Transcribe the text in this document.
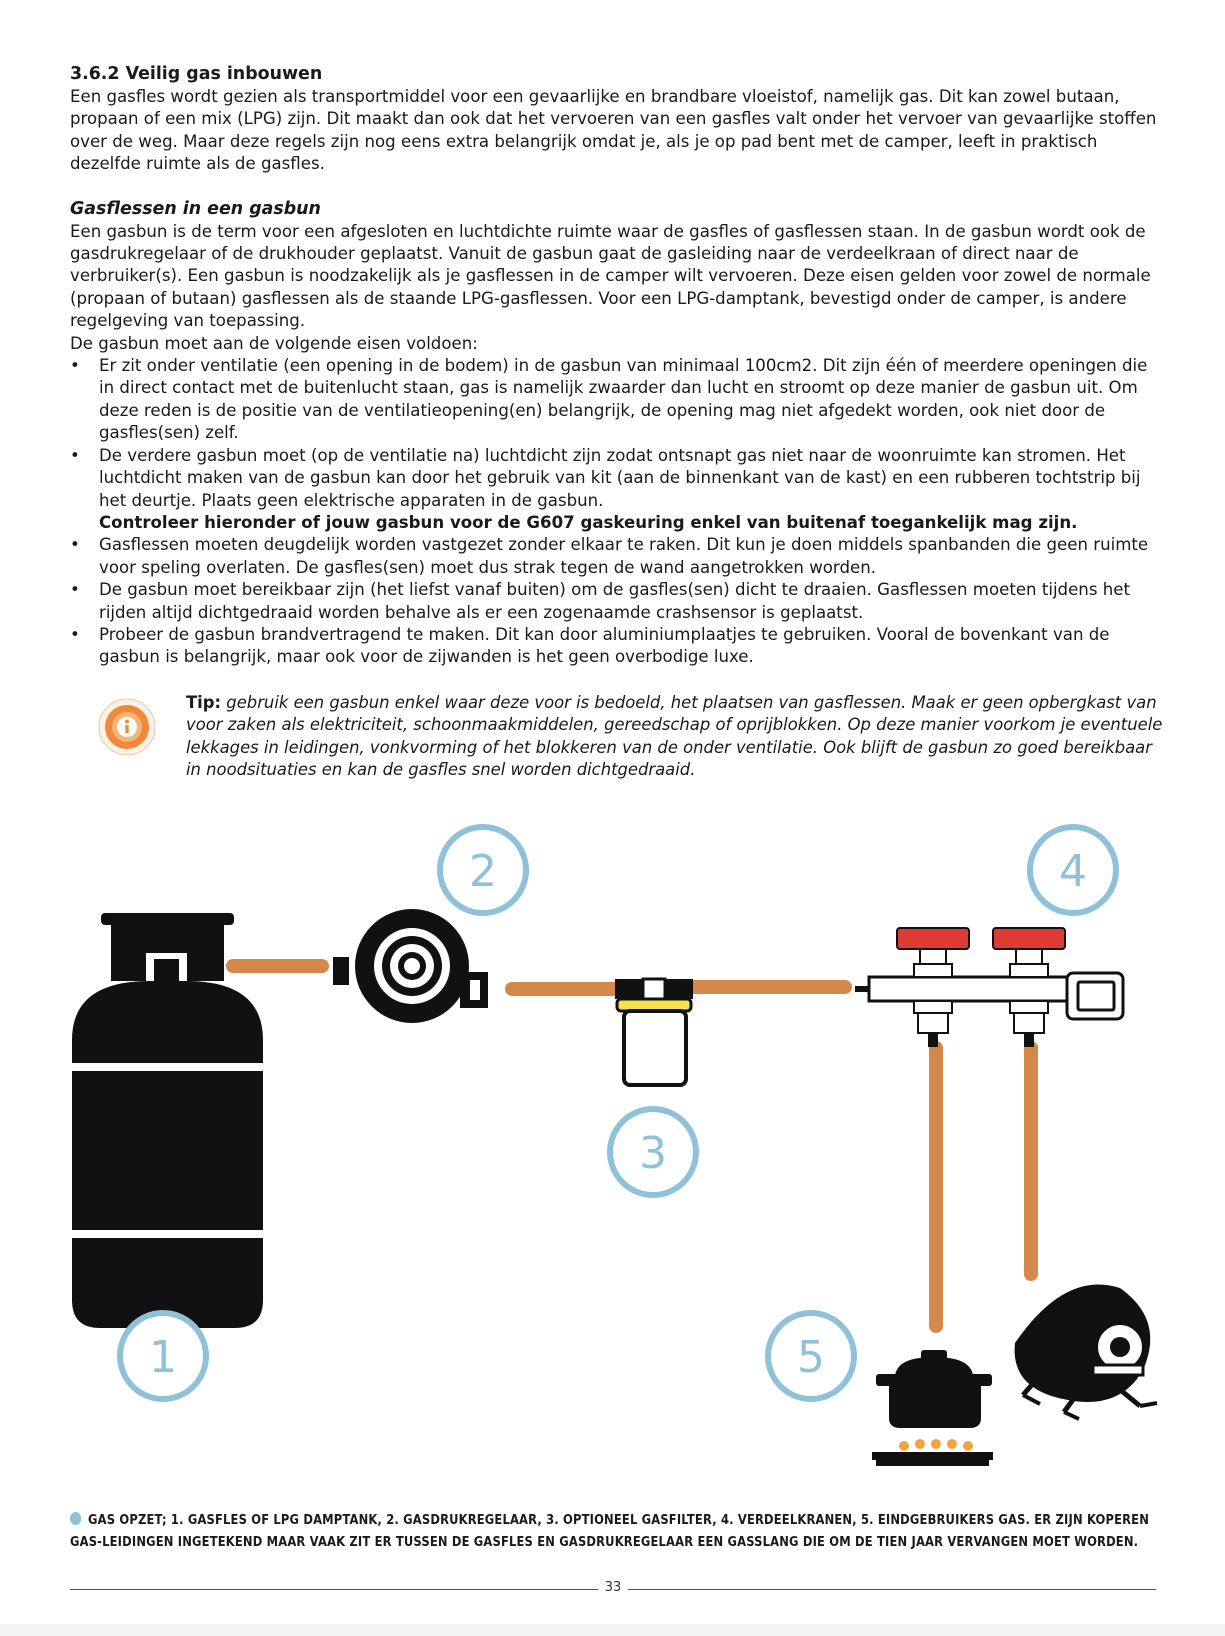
3.6.2 Veilig gas inbouwen

Een gasfles wordt gezien als transportmiddel voor een gevaarlijke en brandbare vloeistof, namelijk gas. Dit kan zowel butaan, propaan of een mix (LPG) zijn. Dit maakt dan ook dat het vervoeren van een gasfles valt onder het vervoer van gevaarlijke stoffen over de weg. Maar deze regels zijn nog eens extra belangrijk omdat je, als je op pad bent met de camper, leeft in praktisch dezelfde ruimte als de gasfles.

Gasflessen in een gasbun

Een gasbun is de term voor een afgesloten en luchtdichte ruimte waar de gasfles of gasflessen staan. In de gasbun wordt ook de gasdrukregelaar of de drukhouder geplaatst. Vanuit de gasbun gaat de gasleiding naar de verdeelkraan of direct naar de verbruiker(s). Een gasbun is noodzakelijk als je gasflessen in de camper wilt vervoeren. Deze eisen gelden voor zowel de normale (propaan of butaan) gasflessen als de staande LPG-gasflessen. Voor een LPG-damptank, bevestigd onder de camper, is andere regelgeving van toepassing.

De gasbun moet aan de volgende eisen voldoen:

• Er zit onder ventilatie (een opening in de bodem) in de gasbun van minimaal 100cm2. Dit zijn één of meerdere openingen die in direct contact met de buitenlucht staan, gas is namelijk zwaarder dan lucht en stroomt op deze manier de gasbun uit. Om deze reden is de positie van de ventilatieopening(en) belangrijk, de opening mag niet afgedekt worden, ook niet door de gasfles(sen) zelf.
• De verdere gasbun moet (op de ventilatie na) luchtdicht zijn zodat ontsnapt gas niet naar de woonruimte kan stromen. Het luchtdicht maken van de gasbun kan door het gebruik van kit (aan de binnenkant van de kast) en een rubberen tochtstrip bij het deurtje. Plaats geen elektrische apparaten in de gasbun.

Controleer hieronder of jouw gasbun voor de G607 gaskeuring enkel van buitenaf toegankelijk mag zijn.

• Gasflessen moeten deugdelijk worden vastgezet zonder elkaar te raken. Dit kun je doen middels spanbanden die geen ruimte voor speling overlaten. De gasfles(sen) moet dus strak tegen de wand aangetrokken worden.
• De gasbun moet bereikbaar zijn (het liefst vanaf buiten) om de gasfles(sen) dicht te draaien. Gasflessen moeten tijdens het rijden altijd dichtgedraaid worden behalve als er een zogenaamde crashsensor is geplaatst.
• Probeer de gasbun brandvertragend te maken. Dit kan door aluminiumplaatjes te gebruiken. Vooral de bovenkant van de gasbun is belangrijk, maar ook voor de zijwanden is het geen overbodige luxe.
Tip: gebruik een gasbun enkel waar deze voor is bedoeld, het plaatsen van gasflessen. Maak er geen opbergkast van voor zaken als elektriciteit, schoonmaakmiddelen, gereedschap of oprijblokken. Op deze manier voorkom je eventuele lekkages in leidingen, vonkvorming of het blokkeren van de onder ventilatie. Ook blijft de gasbun zo goed bereikbaar in noodsituaties en kan de gasfles snel worden dichtgedraaid.
1
2
3
4
5
GAS OPZET; 1. GASFLES OF LPG DAMPTANK, 2. GASDRUKREGELAAR, 3. OPTIONEEL GASFILTER, 4. VERDEELKRANEN, 5. EINDGEBRUIKERS GAS. ER ZIJN KOPEREN GAS-LEIDINGEN INGETEKEND MAAR VAAK ZIT ER TUSSEN DE GASFLES EN GASDRUKREGELAAR EEN GASSLANG DIE OM DE TIEN JAAR VERVANGEN MOET WORDEN.
33
